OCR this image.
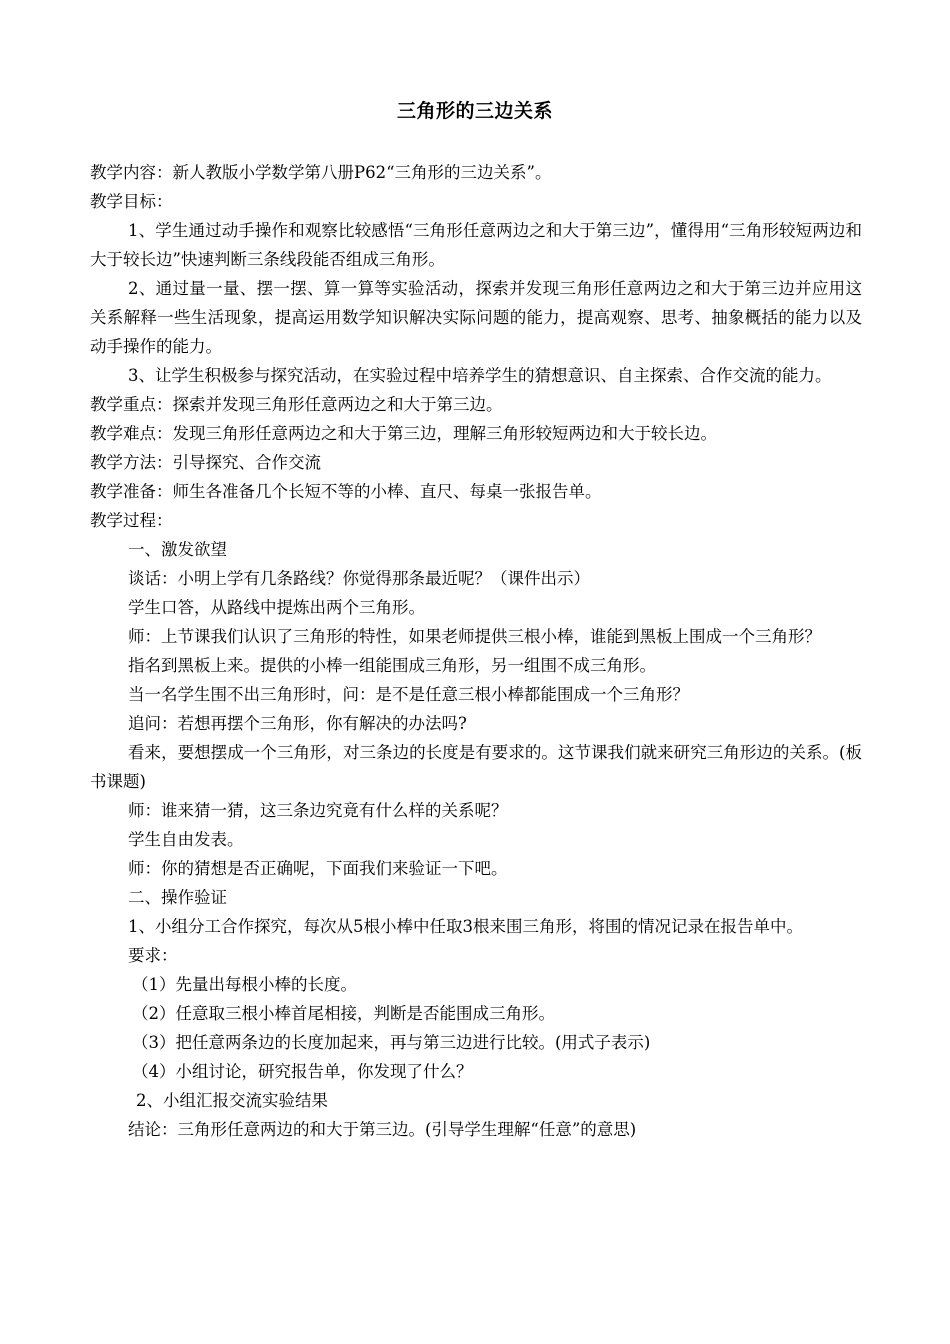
三角形的三边关系

教学内容：新人教版小学数学第八册P62“三角形的三边关系”。

教学目标：

1、学生通过动手操作和观察比较感悟“三角形任意两边之和大于第三边”，懂得用“三角形较短两边和大于较长边”快速判断三条线段能否组成三角形。

2、通过量一量、摆一摆、算一算等实验活动，探索并发现三角形任意两边之和大于第三边并应用这关系解释一些生活现象，提高运用数学知识解决实际问题的能力，提高观察、思考、抽象概括的能力以及动手操作的能力。

3、让学生积极参与探究活动，在实验过程中培养学生的猜想意识、自主探索、合作交流的能力。

教学重点：探索并发现三角形任意两边之和大于第三边。

教学难点：发现三角形任意两边之和大于第三边，理解三角形较短两边和大于较长边。

教学方法：引导探究、合作交流

教学准备：师生各准备几个长短不等的小棒、直尺、每桌一张报告单。

教学过程：

一、激发欲望

谈话：小明上学有几条路线？你觉得那条最近呢？（课件出示）

学生口答，从路线中提炼出两个三角形。

师：上节课我们认识了三角形的特性，如果老师提供三根小棒，谁能到黑板上围成一个三角形？

指名到黑板上来。提供的小棒一组能围成三角形，另一组围不成三角形。

当一名学生围不出三角形时，问：是不是任意三根小棒都能围成一个三角形？

追问：若想再摆个三角形，你有解决的办法吗?

看来，要想摆成一个三角形，对三条边的长度是有要求的。这节课我们就来研究三角形边的关系。(板书课题)

师：谁来猜一猜，这三条边究竟有什么样的关系呢？

学生自由发表。

师：你的猜想是否正确呢，下面我们来验证一下吧。

二、操作验证

1、小组分工合作探究，每次从5根小棒中任取3根来围三角形，将围的情况记录在报告单中。

要求：

（1）先量出每根小棒的长度。

（2）任意取三根小棒首尾相接，判断是否能围成三角形。

（3）把任意两条边的长度加起来，再与第三边进行比较。(用式子表示)

（4）小组讨论，研究报告单，你发现了什么？

2、小组汇报交流实验结果

结论：三角形任意两边的和大于第三边。(引导学生理解“任意”的意思)
